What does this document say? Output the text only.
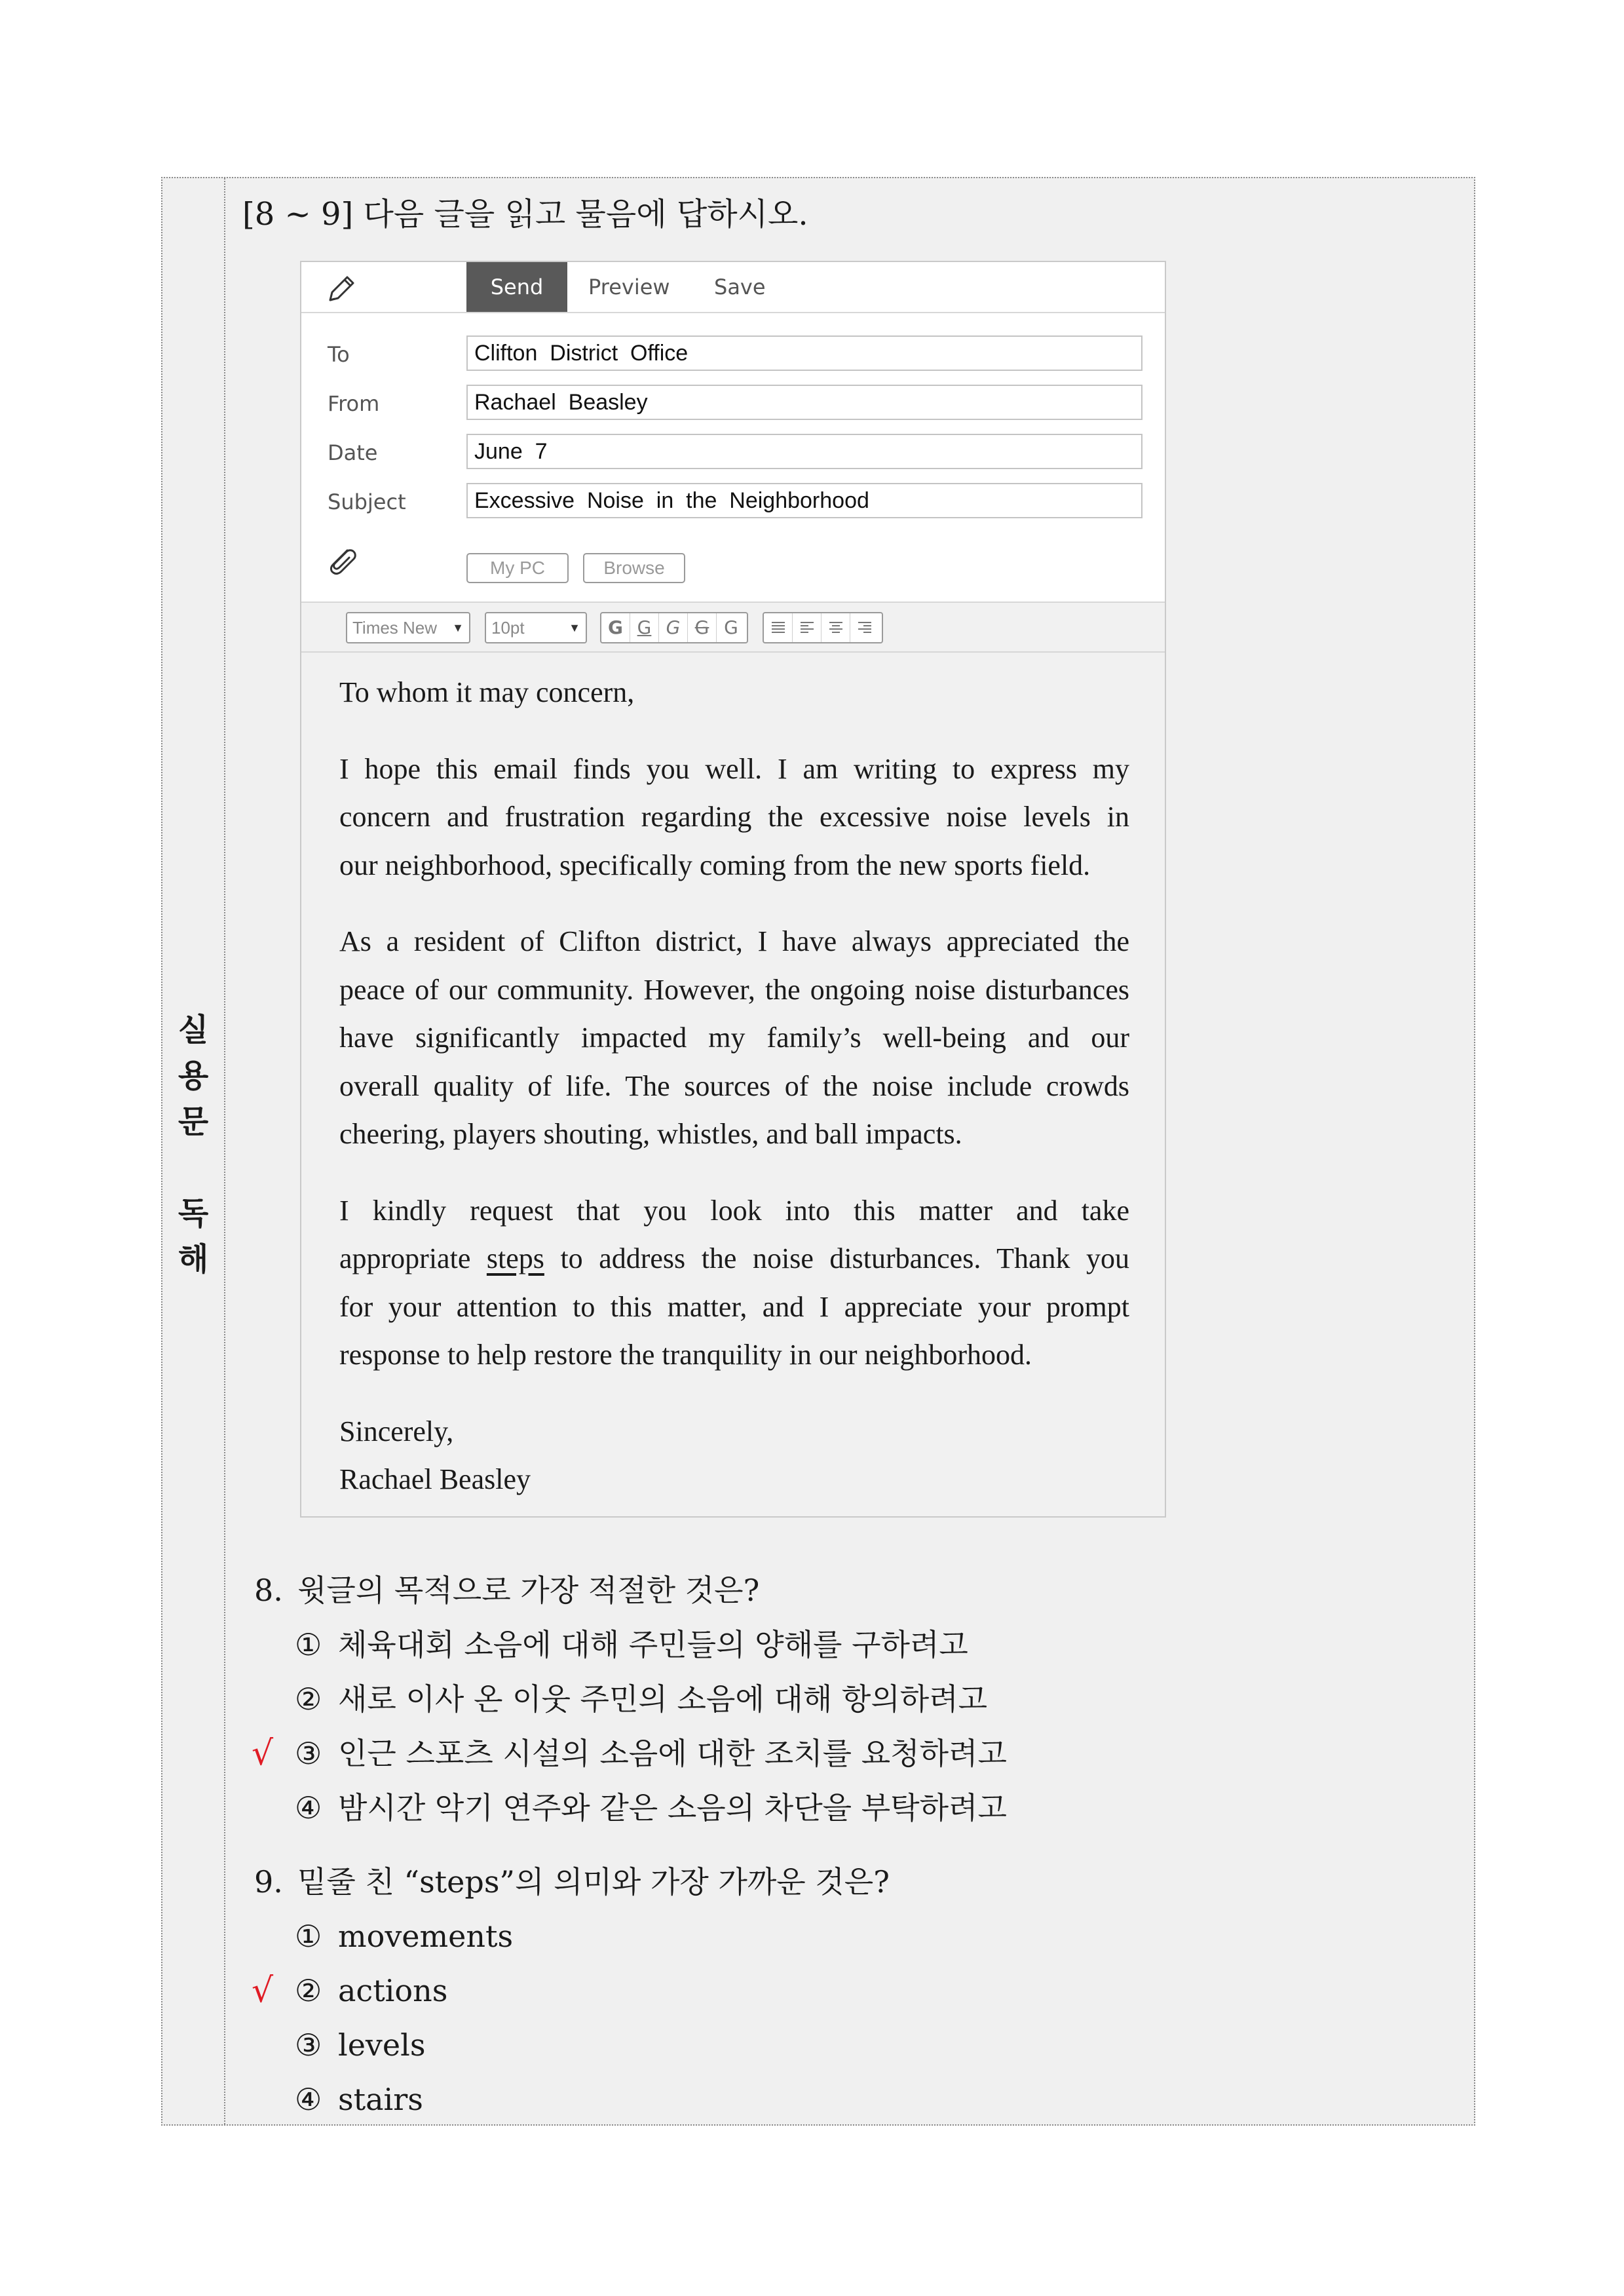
실
용
문
독
해
[8 ~ 9] 다음 글을 읽고 물음에 답하시오.
Send	Preview Save
To	Clifton  District  Office
From	Rachael  Beasley
Date	June  7
Subject	Excessive  Noise  in  the  Neighborhood
My PC	Browse
Times New ▼	10pt	▼	G G G G G

To whom it may concern,

I hope this email finds you well. I am writing to express my

concern and frustration regarding the excessive noise levels in

our neighborhood, specifically coming from the new sports field.

As a resident of Clifton district, I have always appreciated the

peace of our community. However, the ongoing noise disturbances

have significantly impacted my family’s well-being and our

overall quality of life. The sources of the noise include crowds

cheering, players shouting, whistles, and ball impacts.

I kindly request that you look into this matter and take

appropriate steps to address the noise disturbances. Thank you

for your attention to this matter, and I appreciate your prompt

response to help restore the tranquility in our neighborhood.

Sincerely,

Rachael Beasley

8. 윗글의 목적으로 가장 적절한 것은?
① 체육대회 소음에 대해 주민들의 양해를 구하려고
② 새로 이사 온 이웃 주민의 소음에 대해 항의하려고
√ ③ 인근 스포츠 시설의 소음에 대한 조치를 요청하려고
④ 밤시간 악기 연주와 같은 소음의 차단을 부탁하려고
9. 밑줄 친 “steps”의 의미와 가장 가까운 것은?
① movements
√ ② actions
③ levels
④ stairs
